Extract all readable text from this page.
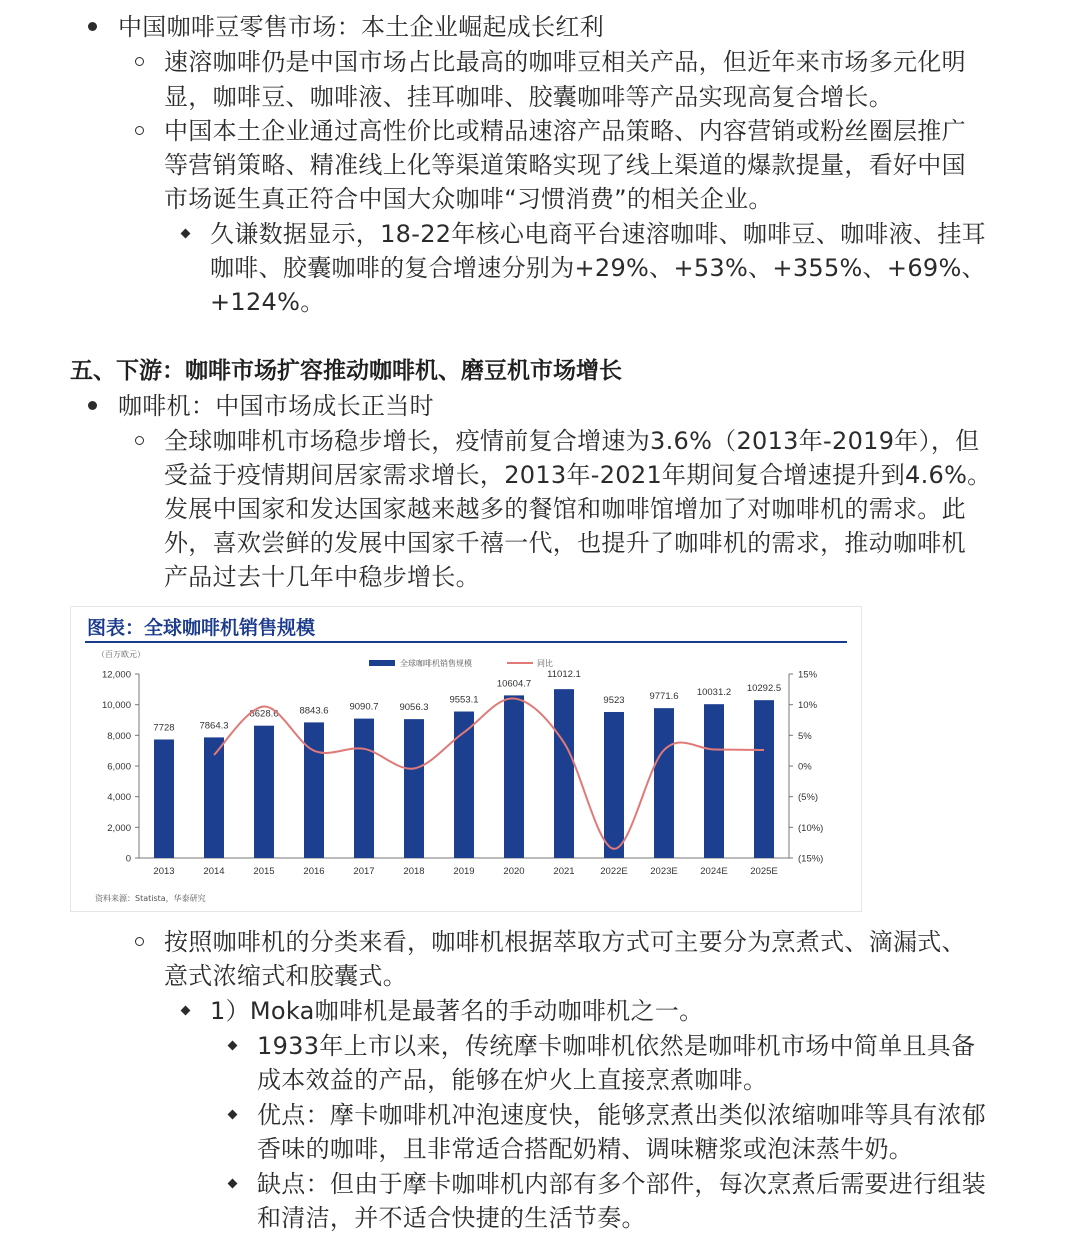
中国咖啡豆零售市场：本土企业崛起成长红利
速溶咖啡仍是中国市场占比最高的咖啡豆相关产品，但近年来市场多元化明
显，咖啡豆、咖啡液、挂耳咖啡、胶囊咖啡等产品实现高复合增长。
中国本土企业通过高性价比或精品速溶产品策略、内容营销或粉丝圈层推广
等营销策略、精准线上化等渠道策略实现了线上渠道的爆款提量，看好中国
市场诞生真正符合中国大众咖啡“习惯消费”的相关企业。
久谦数据显示，18-22年核心电商平台速溶咖啡、咖啡豆、咖啡液、挂耳
咖啡、胶囊咖啡的复合增速分别为+29%、+53%、+355%、+69%、
+124%。
五、下游：咖啡市场扩容推动咖啡机、磨豆机市场增长
咖啡机：中国市场成长正当时
全球咖啡机市场稳步增长，疫情前复合增速为3.6%（2013年-2019年），但
受益于疫情期间居家需求增长，2013年-2021年期间复合增速提升到4.6%。
发展中国家和发达国家越来越多的餐馆和咖啡馆增加了对咖啡机的需求。此
外，喜欢尝鲜的发展中国家千禧一代，也提升了咖啡机的需求，推动咖啡机
产品过去十几年中稳步增长。
图表：全球咖啡机销售规模
（百万欧元）
12,000
10,000
8,000
6,000
4,000
2,000
0
15%
10%
5%
0%
(5%)
(10%)
(15%)
7728
2013
7864.3
2014
8628.6
2015
8843.6
2016
9090.7
2017
9056.3
2018
9553.1
2019
10604.7
2020
11012.1
2021
9523
2022E
9771.6
2023E
10031.2
2024E
10292.5
2025E
全球咖啡机销售规模	同比
资料来源：Statista，华泰研究
按照咖啡机的分类来看，咖啡机根据萃取方式可主要分为烹煮式、滴漏式、
意式浓缩式和胶囊式。
1）Moka咖啡机是最著名的手动咖啡机之一。
1933年上市以来，传统摩卡咖啡机依然是咖啡机市场中简单且具备
成本效益的产品，能够在炉火上直接烹煮咖啡。
优点：摩卡咖啡机冲泡速度快，能够烹煮出类似浓缩咖啡等具有浓郁
香味的咖啡，且非常适合搭配奶精、调味糖浆或泡沫蒸牛奶。
缺点：但由于摩卡咖啡机内部有多个部件，每次烹煮后需要进行组装
和清洁，并不适合快捷的生活节奏。
